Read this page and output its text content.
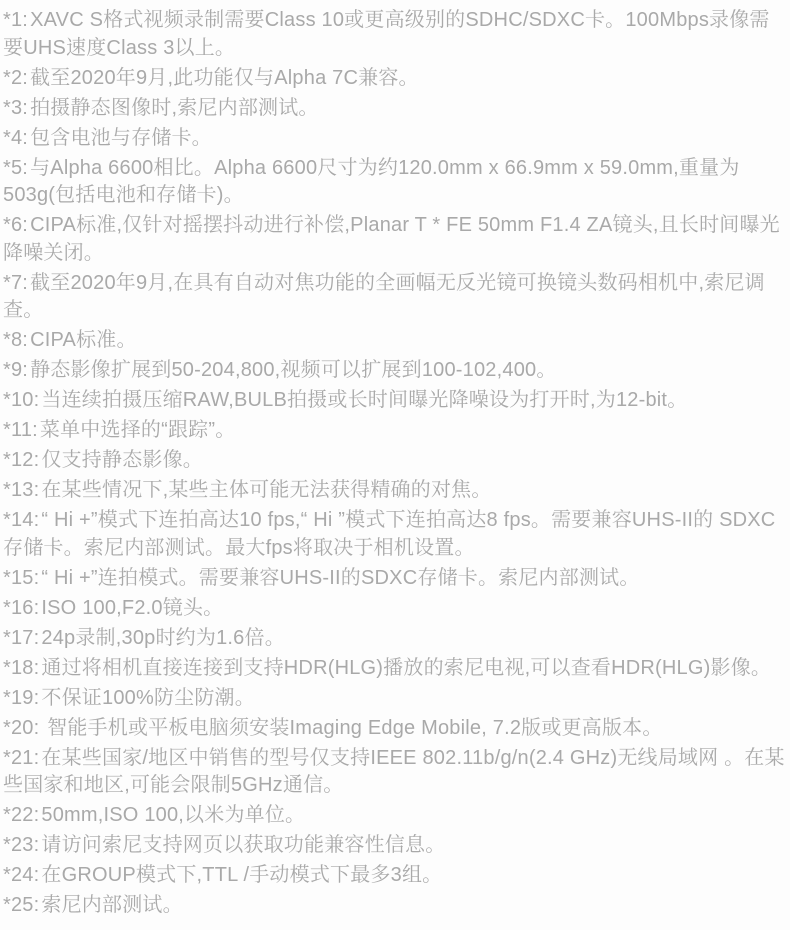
*1: XAVC S格式视频录制需要Class 10或更高级别的SDHC/SDXC卡。100Mbps录像需要UHS速度Class 3以上。

*2: 截至2020年9月,此功能仅与Alpha 7C兼容。

*3: 拍摄静态图像时,索尼内部测试。

*4: 包含电池与存储卡。

*5: 与Alpha 6600相比。Alpha 6600尺寸为约120.0mm x 66.9mm x 59.0mm,重量为503g(包括电池和存储卡)。

*6: CIPA标准,仅针对摇摆抖动进行补偿,Planar T * FE 50mm F1.4 ZA镜头,且长时间曝光降噪关闭。

*7: 截至2020年9月,在具有自动对焦功能的全画幅无反光镜可换镜头数码相机中,索尼调查。

*8: CIPA标准。

*9: 静态影像扩展到50-204,800,视频可以扩展到100-102,400。

*10: 当连续拍摄压缩RAW,BULB拍摄或长时间曝光降噪设为打开时,为12-bit。

*11: 菜单中选择的“跟踪”。

*12: 仅支持静态影像。

*13: 在某些情况下,某些主体可能无法获得精确的对焦。

*14: “ Hi +”模式下连拍高达10 fps,“ Hi ”模式下连拍高达8 fps。需要兼容UHS-II的 SDXC 存储卡。索尼内部测试。最大fps将取决于相机设置。

*15: “ Hi +”连拍模式。需要兼容UHS-II的SDXC存储卡。索尼内部测试。

*16: ISO 100,F2.0镜头。

*17: 24p录制,30p时约为1.6倍。

*18: 通过将相机直接连接到支持HDR(HLG)播放的索尼电视,可以查看HDR(HLG)影像。

*19: 不保证100%防尘防潮。

*20: 智能手机或平板电脑须安装Imaging Edge Mobile, 7.2版或更高版本。

*21: 在某些国家/地区中销售的型号仅支持IEEE 802.11b/g/n(2.4 GHz)无线局域网 。在某些国家和地区,可能会限制5GHz通信。

*22: 50mm,ISO 100,以米为单位。

*23: 请访问索尼支持网页以获取功能兼容性信息。

*24: 在GROUP模式下,TTL /手动模式下最多3组。

*25: 索尼内部测试。
